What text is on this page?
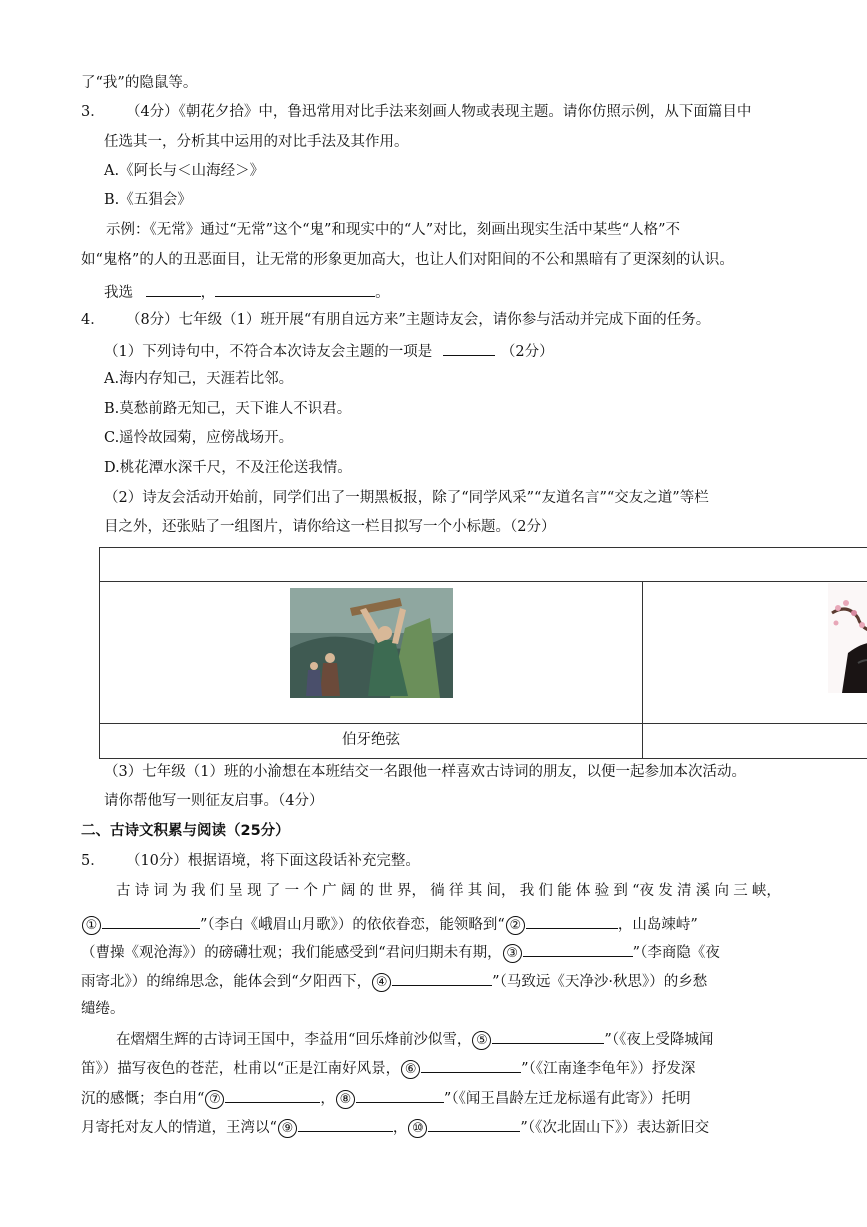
了“我”的隐鼠等。
3． （4分）《朝花夕拾》中，鲁迅常用对比手法来刻画人物或表现主题。请你仿照示例，从下面篇目中
任选其一，分析其中运用的对比手法及其作用。
A.《阿长与＜山海经＞》
B.《五猖会》
示例：《无常》通过“无常”这个“鬼”和现实中的“人”对比，刻画出现实生活中某些“人格”不
如“鬼格”的人的丑恶面目，让无常的形象更加高大，也让人们对阳间的不公和黑暗有了更深刻的认识。
我选	，	。
4． （8分）七年级（1）班开展“有朋自远方来”主题诗友会，请你参与活动并完成下面的任务。
（1）下列诗句中，不符合本次诗友会主题的一项是	（2分）
A.海内存知己，天涯若比邻。
B.莫愁前路无知己，天下谁人不识君。
C.遥怜故园菊，应傍战场开。
D.桃花潭水深千尺，不及汪伦送我情。
（2）诗友会活动开始前，同学们出了一期黑板报，除了“同学风采”“友道名言”“交友之道”等栏
目之外，还张贴了一组图片，请你给这一栏目拟写一个小标题。（2分）
伯牙绝弦
（3）七年级（1）班的小渝想在本班结交一名跟他一样喜欢古诗词的朋友，以便一起参加本次活动。
请你帮他写一则征友启事。（4分）
二、古诗文积累与阅读（25分）
5． （10分）根据语境，将下面这段话补充完整。
古 诗 词 为 我 们 呈 现 了 一 个 广 阔 的 世 界， 徜 徉 其 间， 我 们 能 体 验 到 “夜 发 清 溪 向 三 峡，
①	”（李白《峨眉山月歌》）的依依眷恋，能领略到“ ②	，山岛竦峙”
（曹操《观沧海》）的磅礴壮观；我们能感受到“君问归期未有期， ③	”（李商隐《夜
雨寄北》）的绵绵思念，能体会到“夕阳西下， ④	”（马致远《天净沙·秋思》）的乡愁
缱绻。
在熠熠生辉的古诗词王国中，李益用“回乐烽前沙似雪， ⑤	”（《夜上受降城闻
笛》）描写夜色的苍茫，杜甫以“正是江南好风景， ⑥	”（《江南逢李龟年》）抒发深
沉的感慨；李白用“ ⑦	， ⑧	”（《闻王昌龄左迁龙标遥有此寄》）托明
月寄托对友人的情道，王湾以“ ⑨	， ⑩	”（《次北固山下》）表达新旧交
